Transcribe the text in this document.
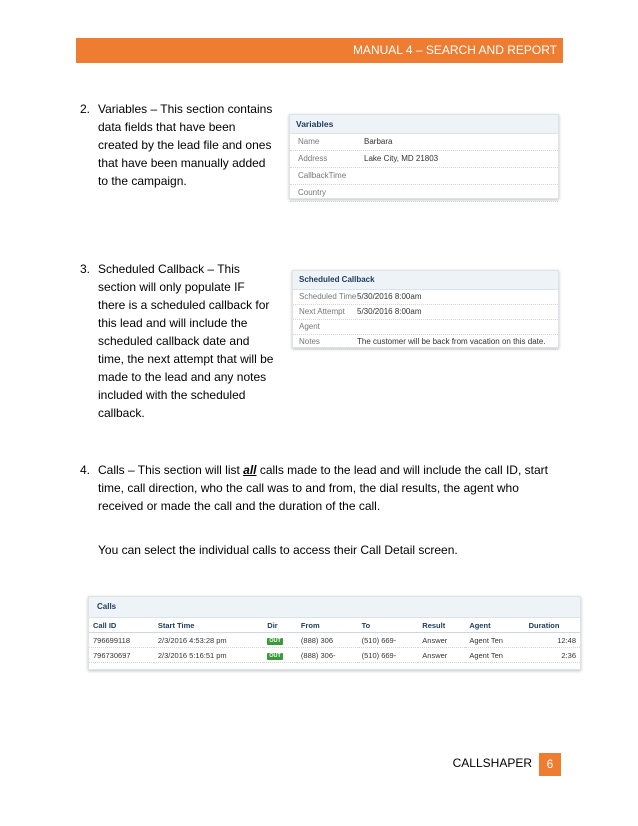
MANUAL 4 – SEARCH AND REPORT
2. Variables – This section contains data fields that have been created by the lead file and ones that have been manually added to the campaign.
Variables
Name	Barbara
Address	Lake City, MD 21803
CallbackTime
Country
3. Scheduled Callback – This section will only populate IF there is a scheduled callback for this lead and will include the scheduled callback date and time, the next attempt that will be made to the lead and any notes included with the scheduled callback.
Scheduled Callback
Scheduled Time 5/30/2016 8:00am
Next Attempt	5/30/2016 8:00am
Agent
Notes	The customer will be back from vacation on this date.
4. Calls – This section will list all calls made to the lead and will include the call ID, start time, call direction, who the call was to and from, the dial results, the agent who received or made the call and the duration of the call.
You can select the individual calls to access their Call Detail screen.
Calls
Call ID	Start Time	Dir	From	To	Result	Agent	Duration
796699118	2/3/2016 4:53:28 pm	OUT	(888) 306	(510) 669-	Answer	Agent Ten	12:48
796730697	2/3/2016 5:16:51 pm	OUT	(888) 306-	(510) 669-	Answer	Agent Ten	2:36
CALLSHAPER	6
